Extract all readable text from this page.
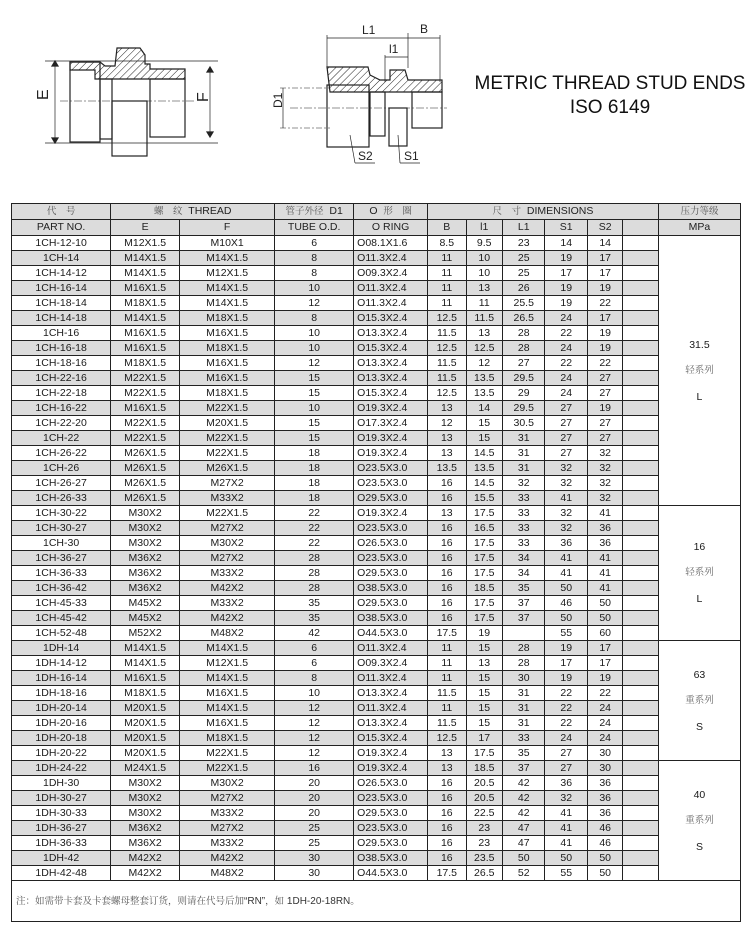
E	F
L1	B
l1
D1
S2	S1
METRIC THREAD STUD ENDS
ISO 6149
代　号	螺　纹 THREAD		管子外径 D1	O 形　圈	尺　寸 DIMENSIONS						压力等级
PART NO.	E	F	TUBE O.D.	O RING	B	l1	L1	S1	S2		MPa
1CH-12-10	M12X1.5	M10X1	6	O08.1X1.6	8.5	9.5	23	14	14		31.5
轻系列
L

1CH-14	M14X1.5	M14X1.5	8	O11.3X2.4	11	10	25	19	17		
1CH-14-12	M14X1.5	M12X1.5	8	O09.3X2.4	11	10	25	17	17		
1CH-16-14	M16X1.5	M14X1.5	10	O11.3X2.4	11	13	26	19	19		
1CH-18-14	M18X1.5	M14X1.5	12	O11.3X2.4	11	11	25.5	19	22		
1CH-14-18	M14X1.5	M18X1.5	8	O15.3X2.4	12.5	11.5	26.5	24	17		
1CH-16	M16X1.5	M16X1.5	10	O13.3X2.4	11.5	13	28	22	19		
1CH-16-18	M16X1.5	M18X1.5	10	O15.3X2.4	12.5	12.5	28	24	19		
1CH-18-16	M18X1.5	M16X1.5	12	O13.3X2.4	11.5	12	27	22	22		
1CH-22-16	M22X1.5	M16X1.5	15	O13.3X2.4	11.5	13.5	29.5	24	27		
1CH-22-18	M22X1.5	M18X1.5	15	O15.3X2.4	12.5	13.5	29	24	27		
1CH-16-22	M16X1.5	M22X1.5	10	O19.3X2.4	13	14	29.5	27	19		
1CH-22-20	M22X1.5	M20X1.5	15	O17.3X2.4	12	15	30.5	27	27		
1CH-22	M22X1.5	M22X1.5	15	O19.3X2.4	13	15	31	27	27		
1CH-26-22	M26X1.5	M22X1.5	18	O19.3X2.4	13	14.5	31	27	32		
1CH-26	M26X1.5	M26X1.5	18	O23.5X3.0	13.5	13.5	31	32	32		
1CH-26-27	M26X1.5	M27X2	18	O23.5X3.0	16	14.5	32	32	32		
1CH-26-33	M26X1.5	M33X2	18	O29.5X3.0	16	15.5	33	41	32		
1CH-30-22	M30X2	M22X1.5	22	O19.3X2.4	13	17.5	33	32	41		16
轻系列
L

1CH-30-27	M30X2	M27X2	22	O23.5X3.0	16	16.5	33	32	36		
1CH-30	M30X2	M30X2	22	O26.5X3.0	16	17.5	33	36	36		
1CH-36-27	M36X2	M27X2	28	O23.5X3.0	16	17.5	34	41	41		
1CH-36-33	M36X2	M33X2	28	O29.5X3.0	16	17.5	34	41	41		
1CH-36-42	M36X2	M42X2	28	O38.5X3.0	16	18.5	35	50	41		
1CH-45-33	M45X2	M33X2	35	O29.5X3.0	16	17.5	37	46	50		
1CH-45-42	M45X2	M42X2	35	O38.5X3.0	16	17.5	37	50	50		
1CH-52-48	M52X2	M48X2	42	O44.5X3.0	17.5	19		55	60		
1DH-14	M14X1.5	M14X1.5	6	O11.3X2.4	11	15	28	19	17		63
重系列
S

1DH-14-12	M14X1.5	M12X1.5	6	O09.3X2.4	11	13	28	17	17		
1DH-16-14	M16X1.5	M14X1.5	8	O11.3X2.4	11	15	30	19	19		
1DH-18-16	M18X1.5	M16X1.5	10	O13.3X2.4	11.5	15	31	22	22		
1DH-20-14	M20X1.5	M14X1.5	12	O11.3X2.4	11	15	31	22	24		
1DH-20-16	M20X1.5	M16X1.5	12	O13.3X2.4	11.5	15	31	22	24		
1DH-20-18	M20X1.5	M18X1.5	12	O15.3X2.4	12.5	17	33	24	24		
1DH-20-22	M20X1.5	M22X1.5	12	O19.3X2.4	13	17.5	35	27	30		
1DH-24-22	M24X1.5	M22X1.5	16	O19.3X2.4	13	18.5	37	27	30		40
重系列
S

1DH-30	M30X2	M30X2	20	O26.5X3.0	16	20.5	42	36	36		
1DH-30-27	M30X2	M27X2	20	O23.5X3.0	16	20.5	42	32	36		
1DH-30-33	M30X2	M33X2	20	O29.5X3.0	16	22.5	42	41	36		
1DH-36-27	M36X2	M27X2	25	O23.5X3.0	16	23	47	41	46		
1DH-36-33	M36X2	M33X2	25	O29.5X3.0	16	23	47	41	46		
1DH-42	M42X2	M42X2	30	O38.5X3.0	16	23.5	50	50	50		
1DH-42-48	M42X2	M48X2	30	O44.5X3.0	17.5	26.5	52	55	50		
注：如需带卡套及卡套螺母整套订货，则请在代号后加“RN”，如 1DH-20-18RN。											
